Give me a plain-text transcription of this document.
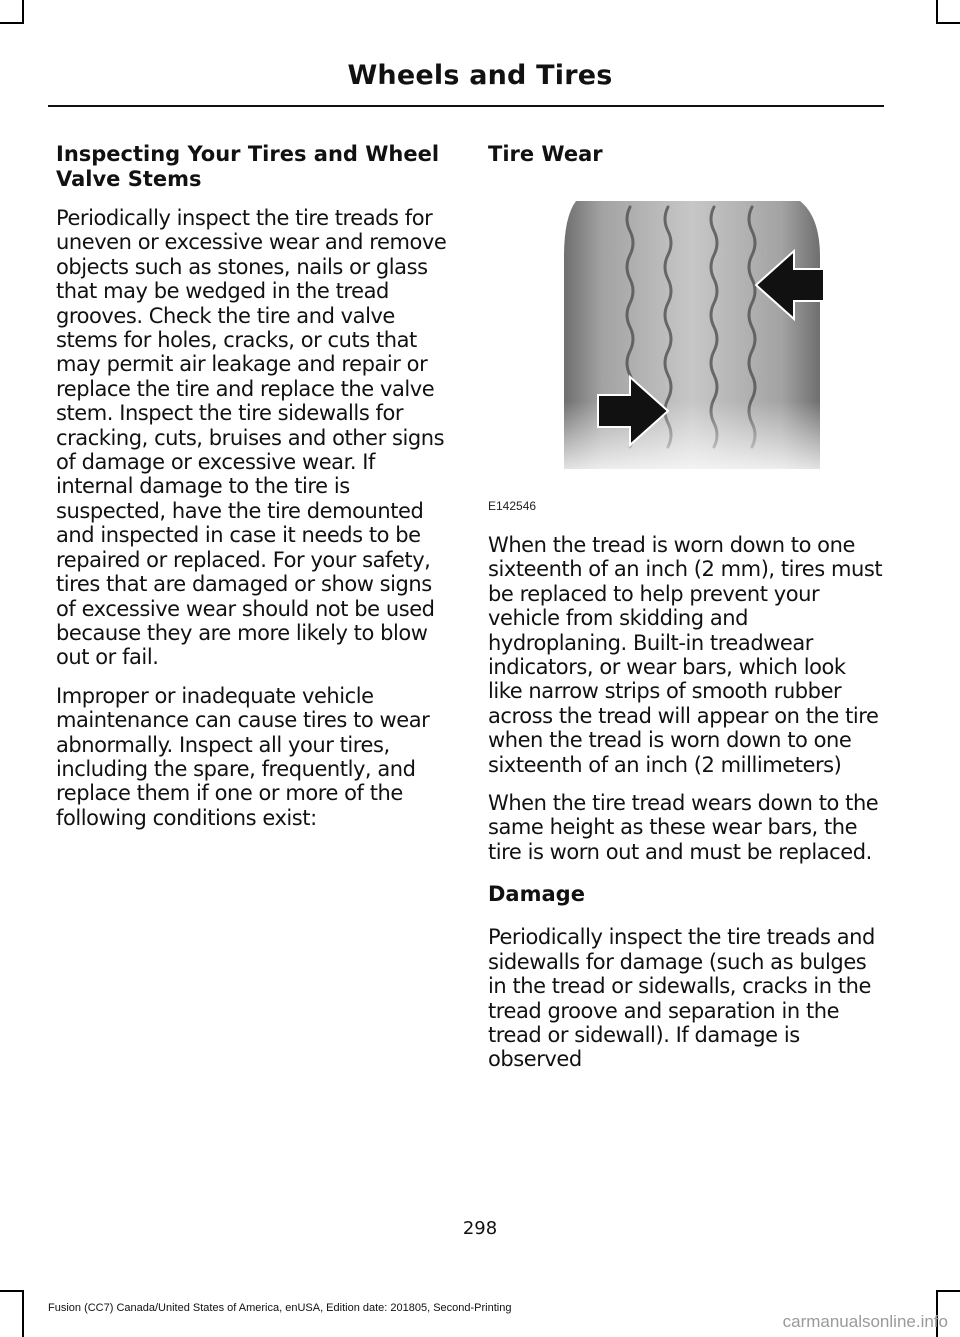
Wheels and Tires
Inspecting Your Tires and Wheel Valve Stems

Periodically inspect the tire treads for uneven or excessive wear and remove objects such as stones, nails or glass that may be wedged in the tread grooves. Check the tire and valve stems for holes, cracks, or cuts that may permit air leakage and repair or replace the tire and replace the valve stem. Inspect the tire sidewalls for cracking, cuts, bruises and other signs of damage or excessive wear. If internal damage to the tire is suspected, have the tire demounted and inspected in case it needs to be repaired or replaced. For your safety, tires that are damaged or show signs of excessive wear should not be used because they are more likely to blow out or fail.

Improper or inadequate vehicle maintenance can cause tires to wear abnormally. Inspect all your tires, including the spare, frequently, and replace them if one or more of the following conditions exist:

Tire Wear
E142546

When the tread is worn down to one sixteenth of an inch (2 mm), tires must be replaced to help prevent your vehicle from skidding and hydroplaning. Built-in treadwear indicators, or wear bars, which look like narrow strips of smooth rubber across the tread will appear on the tire when the tread is worn down to one sixteenth of an inch (2 millimeters)

When the tire tread wears down to the same height as these wear bars, the tire is worn out and must be replaced.

Damage

Periodically inspect the tire treads and sidewalls for damage (such as bulges in the tread or sidewalls, cracks in the tread groove and separation in the tread or sidewall). If damage is observed

298
Fusion (CC7) Canada/United States of America, enUSA, Edition date: 201805, Second-Printing
carmanualsonline.info
